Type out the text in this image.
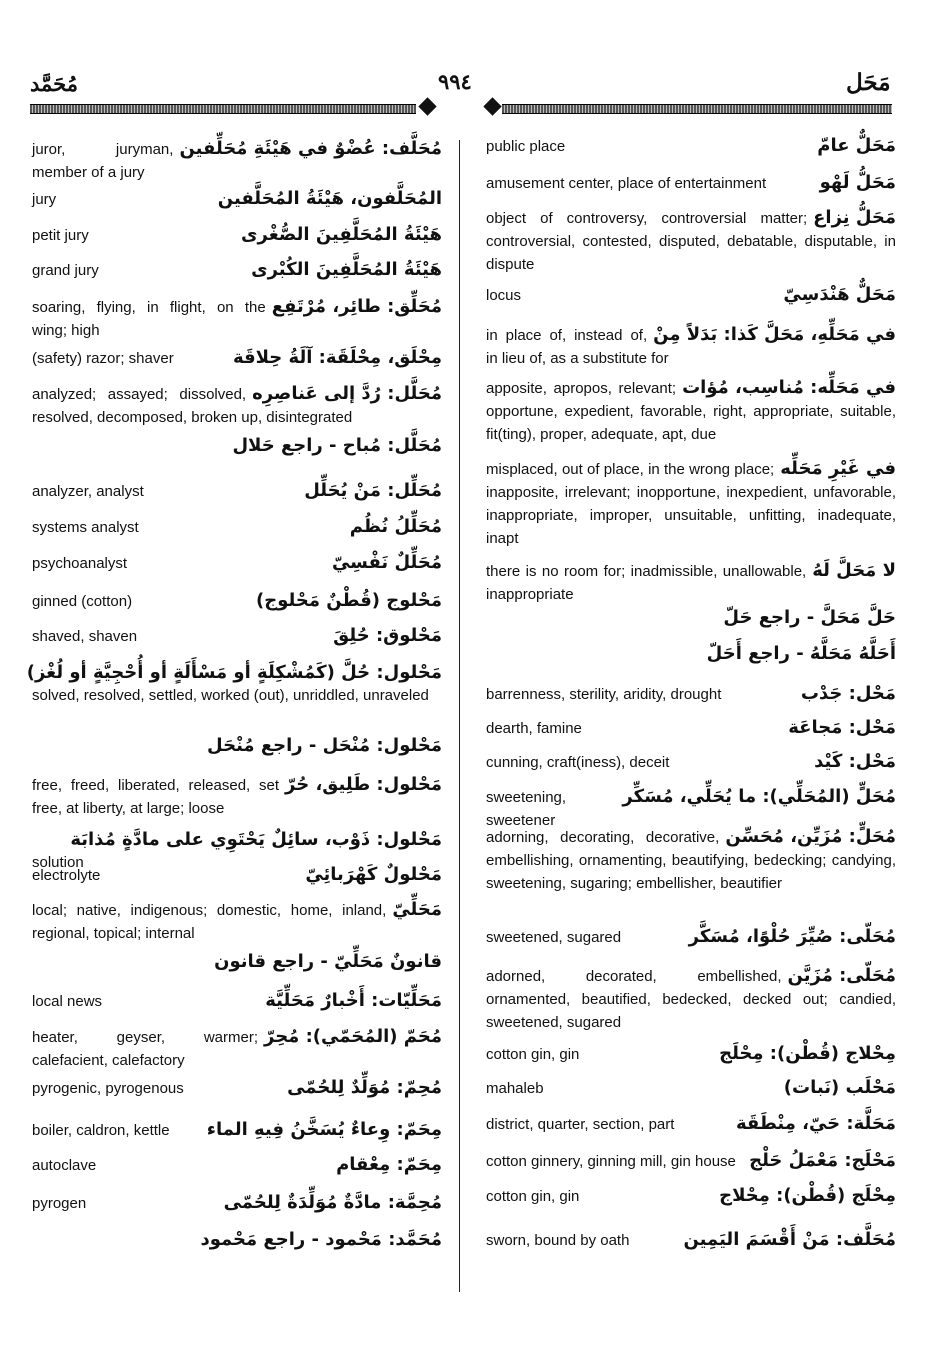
مُحَمَّد	٩٩٤	مَحَل
مُحَلَّف: عُضْوٌ في هَيْئَةِ مُحَلِّفين
juror, juryman, member of a jury
المُحَلَّفون، هَيْئَةُ المُحَلَّفين
jury
هَيْئَةُ المُحَلَّفِينَ الصُّغْرى
petit jury
هَيْئَةُ المُحَلَّفِينَ الكُبْرى
grand jury
مُحَلِّق: طائِر، مُرْتَفِع
soaring, flying, in flight, on the wing; high
مِحْلَق، مِحْلَقَة: آلَةُ حِلاقَة
(safety) razor; shaver
مُحَلَّل: رُدَّ إلى عَناصِرِه
analyzed; assayed; dissolved, resolved, decomposed, broken up, disintegrated
مُحَلَّل: مُباح - راجع حَلال
مُحَلِّل: مَنْ يُحَلِّل
analyzer, analyst
مُحَلِّلُ نُظُم
systems analyst
مُحَلِّلٌ نَفْسِيّ
psychoanalyst
مَحْلوج (قُطْنٌ مَحْلوج)
ginned (cotton)
مَحْلوق: حُلِقَ
shaved, shaven
مَحْلول: حُلَّ (كَمُشْكِلَةٍ أو مَسْأَلَةٍ أو أُحْجِيَّةٍ أو لُغْز)
solved, resolved, settled, worked (out), unriddled, unraveled
مَحْلول: مُنْحَل - راجع مُنْحَل
مَحْلول: طَلِيق، حُرّ
free, freed, liberated, released, set free, at liberty, at large; loose
مَحْلول: ذَوْب، سائِلٌ يَحْتَوِي على مادَّةٍ مُذابَة
solution
مَحْلولٌ كَهْرَبائِيّ
electrolyte
مَحَلِّيّ
local; native, indigenous; domestic, home, inland, regional, topical; internal
قانونٌ مَحَلِّيّ - راجع قانون
مَحَلِّيّات: أَخْبارٌ مَحَلِّيَّة
local news
مُحَمّ (المُحَمّي): مُحِرّ
heater, geyser, warmer; calefacient, calefactory
مُحِمّ: مُوَلِّدٌ لِلحُمّى
pyrogenic, pyrogenous
مِحَمّ: وِعاءٌ يُسَخَّنُ فِيهِ الماء
boiler, caldron, kettle
مِحَمّ: مِعْقام
autoclave
مُحِمَّة: مادَّةٌ مُوَلِّدَةٌ لِلحُمّى
pyrogen
مُحَمَّد: مَحْمود - راجع مَحْمود
مَحَلٌّ عامّ
public place
مَحَلُّ لَهْو
amusement center, place of entertainment
مَحَلُّ نِزاع
object of controversy, controversial matter; controversial, contested, disputed, debatable, disputable, in dispute
مَحَلٌّ هَنْدَسِيّ
locus
في مَحَلِّهِ، مَحَلَّ كَذا: بَدَلاً مِنْ
in place of, instead of, in lieu of, as a substitute for
في مَحَلِّه: مُناسِب، مُؤات
apposite, apropos, relevant; opportune, expedient, favorable, right, appropriate, suitable, fit(ting), proper, adequate, apt, due
في غَيْرِ مَحَلِّه
misplaced, out of place, in the wrong place; inapposite, irrelevant; inopportune, inexpedient, unfavorable, inappropriate, improper, unsuitable, unfitting, inadequate, inapt
لا مَحَلَّ لَهُ
there is no room for; inadmissible, unallowable, inappropriate
حَلَّ مَحَلَّ - راجع حَلّ
أَحَلَّهُ مَحَلَّهُ - راجع أَحَلّ
مَحْل: جَدْب
barrenness, sterility, aridity, drought
مَحْل: مَجاعَة
dearth, famine
مَحْل: كَيْد
cunning, craft(iness), deceit
مُحَلٍّ (المُحَلِّي): ما يُحَلِّي، مُسَكِّر
sweetening, sweetener
مُحَلٍّ: مُزَيِّن، مُحَسِّن
adorning, decorating, decorative, embellishing, ornamenting, beautifying, bedecking; candying, sweetening, sugaring; embellisher, beautifier
مُحَلّى: صُيِّرَ حُلْوًا، مُسَكَّر
sweetened, sugared
مُحَلّى: مُزَيَّن
adorned, decorated, embellished, ornamented, beautified, bedecked, decked out; candied, sweetened, sugared
مِحْلاج (قُطْن): مِحْلَج
cotton gin, gin
مَحْلَب (نَبات)
mahaleb
مَحَلَّة: حَيّ، مِنْطَقَة
district, quarter, section, part
مَحْلَج: مَعْمَلُ حَلْج
cotton ginnery, ginning mill, gin house
مِحْلَج (قُطْن): مِحْلاج
cotton gin, gin
مُحَلَّف: مَنْ أَقْسَمَ اليَمِين
sworn, bound by oath
